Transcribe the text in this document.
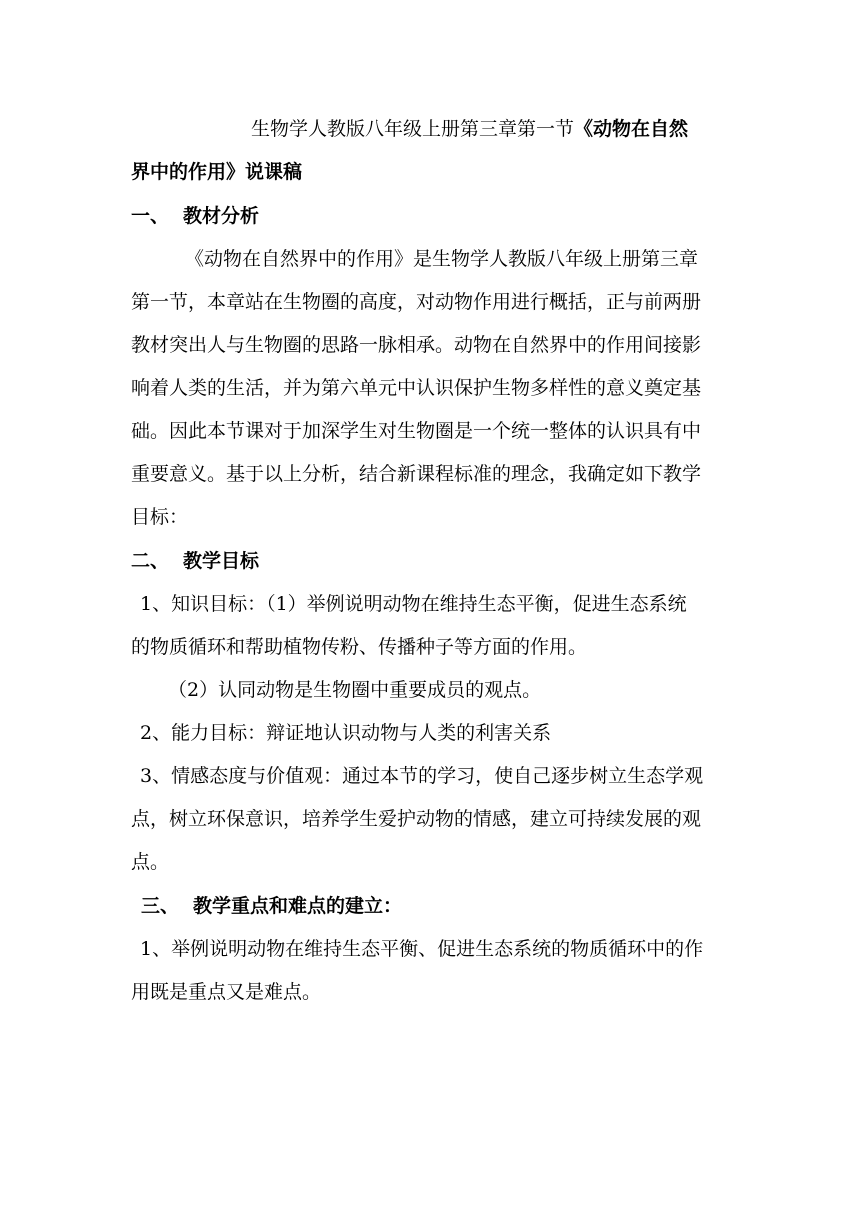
生物学人教版八年级上册第三章第一节《动物在自然
界中的作用》说课稿
一、 教材分析
《动物在自然界中的作用》是生物学人教版八年级上册第三章
第一节，本章站在生物圈的高度，对动物作用进行概括，正与前两册
教材突出人与生物圈的思路一脉相承。动物在自然界中的作用间接影
响着人类的生活，并为第六单元中认识保护生物多样性的意义奠定基
础。因此本节课对于加深学生对生物圈是一个统一整体的认识具有中
重要意义。基于以上分析，结合新课程标准的理念，我确定如下教学
目标：
二、 教学目标
1、知识目标：（1）举例说明动物在维持生态平衡，促进生态系统
的物质循环和帮助植物传粉、传播种子等方面的作用。
（2）认同动物是生物圈中重要成员的观点。
2、能力目标：辩证地认识动物与人类的利害关系
3、情感态度与价值观：通过本节的学习，使自己逐步树立生态学观
点，树立环保意识，培养学生爱护动物的情感，建立可持续发展的观
点。
三、 教学重点和难点的建立：
1、举例说明动物在维持生态平衡、促进生态系统的物质循环中的作
用既是重点又是难点。
